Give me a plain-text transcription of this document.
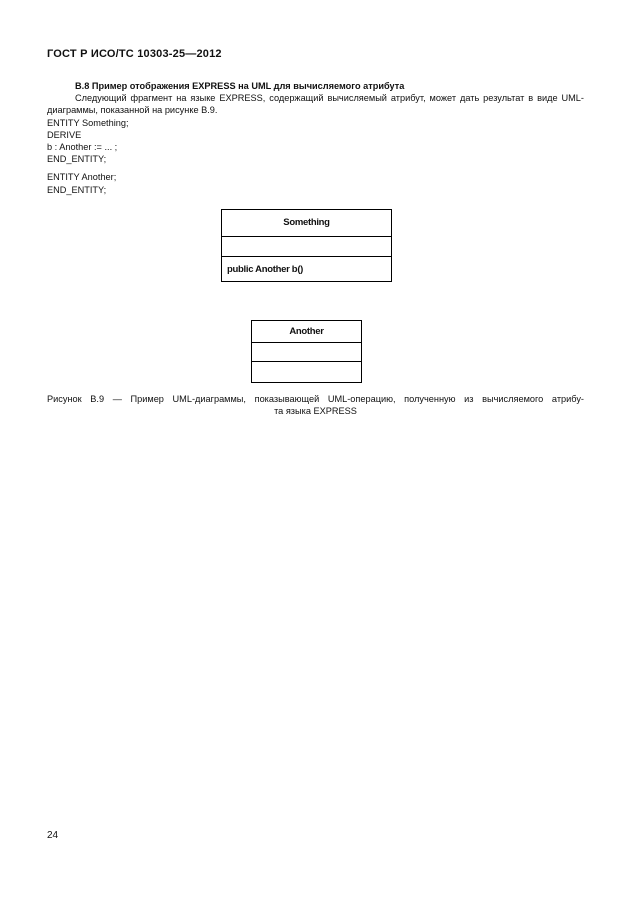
ГОСТ Р ИСО/ТС 10303-25—2012

В.8 Пример отображения EXPRESS на UML для вычисляемого атрибута

Следующий фрагмент на языке EXPRESS, содержащий вычисляемый атрибут, может дать результат в виде UML-диаграммы, показанной на рисунке В.9.

ENTITY Something;
DERIVE
b : Another := ... ;
END_ENTITY;
ENTITY Another;
END_ENTITY;
Something
public Another b()
Another
Рисунок В.9 — Пример UML-диаграммы, показывающей UML-операцию, полученную из вычисляемого атрибу-
та языка EXPRESS
24
